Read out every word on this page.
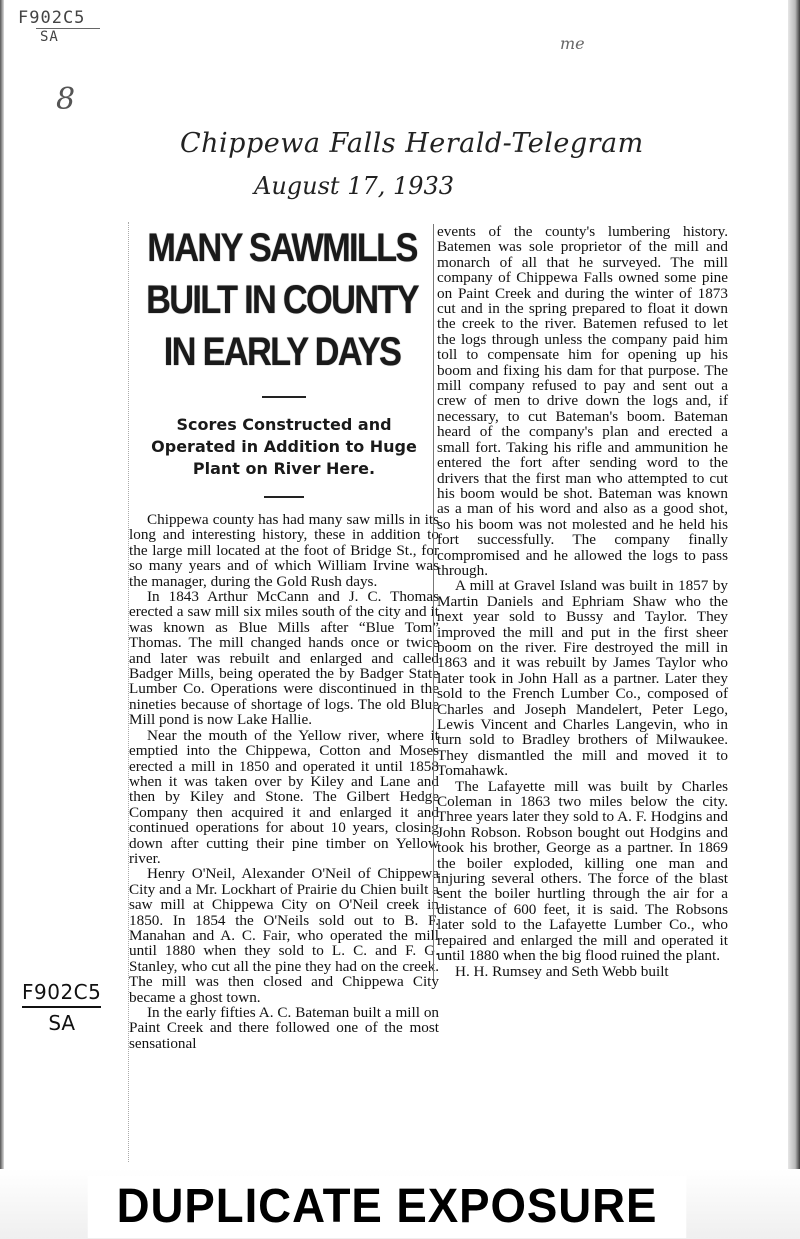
F902C5
SA
8
me
Chippewa Falls Herald-Telegram
August 17, 1933
F902C5
SA
MANY SAWMILLS
BUILT IN COUNTY
IN EARLY DAYS
Scores Constructed and Operated in Addition to Huge Plant on River Here.

Chippewa county has had many saw mills in its long and interesting history, these in addition to the large mill located at the foot of Bridge St., for so many years and of which William Irvine was the manager, during the Gold Rush days.

In 1843 Arthur McCann and J. C. Thomas erected a saw mill six miles south of the city and it was known as Blue Mills after “Blue Tom” Thomas. The mill changed hands once or twice and later was rebuilt and enlarged and called Badger Mills, being operated the by Badger State Lumber Co. Operations were discontinued in the nineties because of shortage of logs. The old Blue Mill pond is now Lake Hallie.

Near the mouth of the Yellow river, where it emptied into the Chippewa, Cotton and Moses erected a mill in 1850 and operated it until 1858 when it was taken over by Kiley and Lane and then by Kiley and Stone. The Gilbert Hedge Company then acquired it and enlarged it and continued operations for about 10 years, closing down after cutting their pine timber on Yellow river.

Henry O'Neil, Alexander O'Neil of Chippewa City and a Mr. Lockhart of Prairie du Chien built a saw mill at Chippewa City on O'Neil creek in 1850. In 1854 the O'Neils sold out to B. F. Manahan and A. C. Fair, who operated the mill until 1880 when they sold to L. C. and F. G. Stanley, who cut all the pine they had on the creek. The mill was then closed and Chippewa City became a ghost town.

In the early fifties A. C. Bateman built a mill on Paint Creek and there followed one of the most sensational

events of the county's lumbering history. Batemen was sole proprietor of the mill and monarch of all that he surveyed. The mill company of Chippewa Falls owned some pine on Paint Creek and during the winter of 1873 cut and in the spring prepared to float it down the creek to the river. Batemen refused to let the logs through unless the company paid him toll to compensate him for opening up his boom and fixing his dam for that purpose. The mill company refused to pay and sent out a crew of men to drive down the logs and, if necessary, to cut Bateman's boom. Bateman heard of the company's plan and erected a small fort. Taking his rifle and ammunition he entered the fort after sending word to the drivers that the first man who attempted to cut his boom would be shot. Bateman was known as a man of his word and also as a good shot, so his boom was not molested and he held his fort successfully. The company finally compromised and he allowed the logs to pass through.

A mill at Gravel Island was built in 1857 by Martin Daniels and Ephriam Shaw who the next year sold to Bussy and Taylor. They improved the mill and put in the first sheer boom on the river. Fire destroyed the mill in 1863 and it was rebuilt by James Taylor who later took in John Hall as a partner. Later they sold to the French Lumber Co., composed of Charles and Joseph Mandelert, Peter Lego, Lewis Vincent and Charles Langevin, who in turn sold to Bradley brothers of Milwaukee. They dismantled the mill and moved it to Tomahawk.

The Lafayette mill was built by Charles Coleman in 1863 two miles below the city. Three years later they sold to A. F. Hodgins and John Robson. Robson bought out Hodgins and took his brother, George as a partner. In 1869 the boiler exploded, killing one man and injuring several others. The force of the blast sent the boiler hurtling through the air for a distance of 600 feet, it is said. The Robsons later sold to the Lafayette Lumber Co., who repaired and enlarged the mill and operated it until 1880 when the big flood ruined the plant.

H. H. Rumsey and Seth Webb built

DUPLICATE EXPOSURE
